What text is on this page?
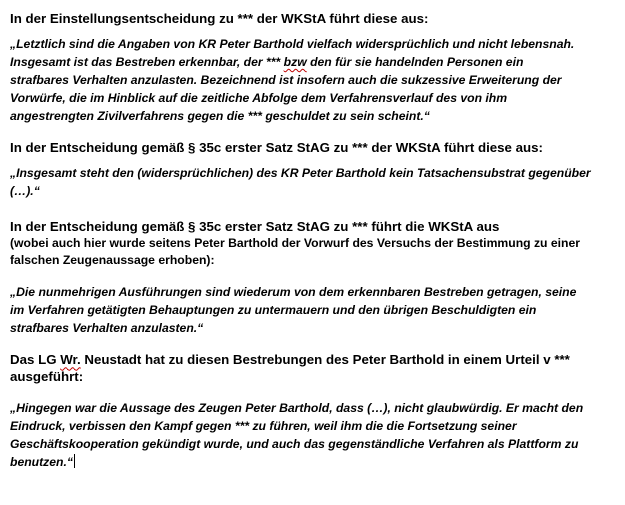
In der Einstellungsentscheidung zu *** der WKStA führt diese aus:

„Letztlich sind die Angaben von KR Peter Barthold vielfach widersprüchlich und nicht lebensnah.
Insgesamt ist das Bestreben erkennbar, der *** bzw den für sie handelnden Personen ein
strafbares Verhalten anzulasten. Bezeichnend ist insofern auch die sukzessive Erweiterung der
Vorwürfe, die im Hinblick auf die zeitliche Abfolge dem Verfahrensverlauf des von ihm
angestrengten Zivilverfahrens gegen die *** geschuldet zu sein scheint.“

In der Entscheidung gemäß § 35c erster Satz StAG zu *** der WKStA führt diese aus:

„Insgesamt steht den (widersprüchlichen) des KR Peter Barthold kein Tatsachensubstrat gegenüber
(…).“

In der Entscheidung gemäß § 35c erster Satz StAG zu *** führt die WKStA aus

(wobei auch hier wurde seitens Peter Barthold der Vorwurf des Versuchs der Bestimmung zu einer
falschen Zeugenaussage erhoben):

„Die nunmehrigen Ausführungen sind wiederum von dem erkennbaren Bestreben getragen, seine
im Verfahren getätigten Behauptungen zu untermauern und den übrigen Beschuldigten ein
strafbares Verhalten anzulasten.“

Das LG Wr. Neustadt hat zu diesen Bestrebungen des Peter Barthold in einem Urteil v ***
ausgeführt:

„Hingegen war die Aussage des Zeugen Peter Barthold, dass (…), nicht glaubwürdig. Er macht den
Eindruck, verbissen den Kampf gegen *** zu führen, weil ihm die die Fortsetzung seiner
Geschäftskooperation gekündigt wurde, und auch das gegenständliche Verfahren als Plattform zu
benutzen.“
